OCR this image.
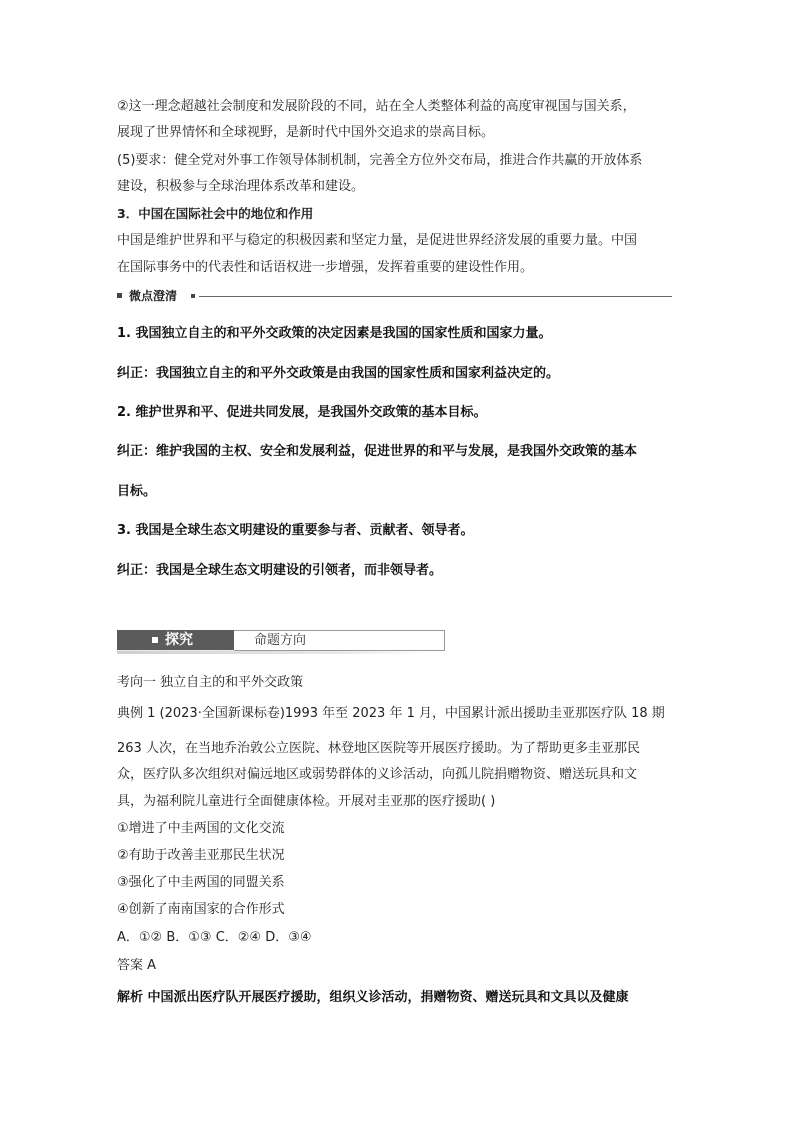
②这一理念超越社会制度和发展阶段的不同，站在全人类整体利益的高度审视国与国关系，
展现了世界情怀和全球视野，是新时代中国外交追求的崇高目标。
(5)要求：健全党对外事工作领导体制机制，完善全方位外交布局，推进合作共赢的开放体系
建设，积极参与全球治理体系改革和建设。
3．中国在国际社会中的地位和作用
中国是维护世界和平与稳定的积极因素和坚定力量，是促进世界经济发展的重要力量。中国
在国际事务中的代表性和话语权进一步增强，发挥着重要的建设性作用。
微点澄清
1. 我国独立自主的和平外交政策的决定因素是我国的国家性质和国家力量。
纠正：我国独立自主的和平外交政策是由我国的国家性质和国家利益决定的。
2. 维护世界和平、促进共同发展，是我国外交政策的基本目标。
纠正：维护我国的主权、安全和发展利益，促进世界的和平与发展，是我国外交政策的基本
目标。
3. 我国是全球生态文明建设的重要参与者、贡献者、领导者。
纠正：我国是全球生态文明建设的引领者，而非领导者。
探究	命题方向
考向一 独立自主的和平外交政策
典例 1 (2023·全国新课标卷)1993 年至 2023 年 1 月，中国累计派出援助圭亚那医疗队 18 期
263 人次，在当地乔治敦公立医院、林登地区医院等开展医疗援助。为了帮助更多圭亚那民
众，医疗队多次组织对偏远地区或弱势群体的义诊活动，向孤儿院捐赠物资、赠送玩具和文
具，为福利院儿童进行全面健康体检。开展对圭亚那的医疗援助( )
①增进了中圭两国的文化交流
②有助于改善圭亚那民生状况
③强化了中圭两国的同盟关系
④创新了南南国家的合作形式
A．①② B．①③ C．②④ D．③④
答案 A
解析 中国派出医疗队开展医疗援助，组织义诊活动，捐赠物资、赠送玩具和文具以及健康
